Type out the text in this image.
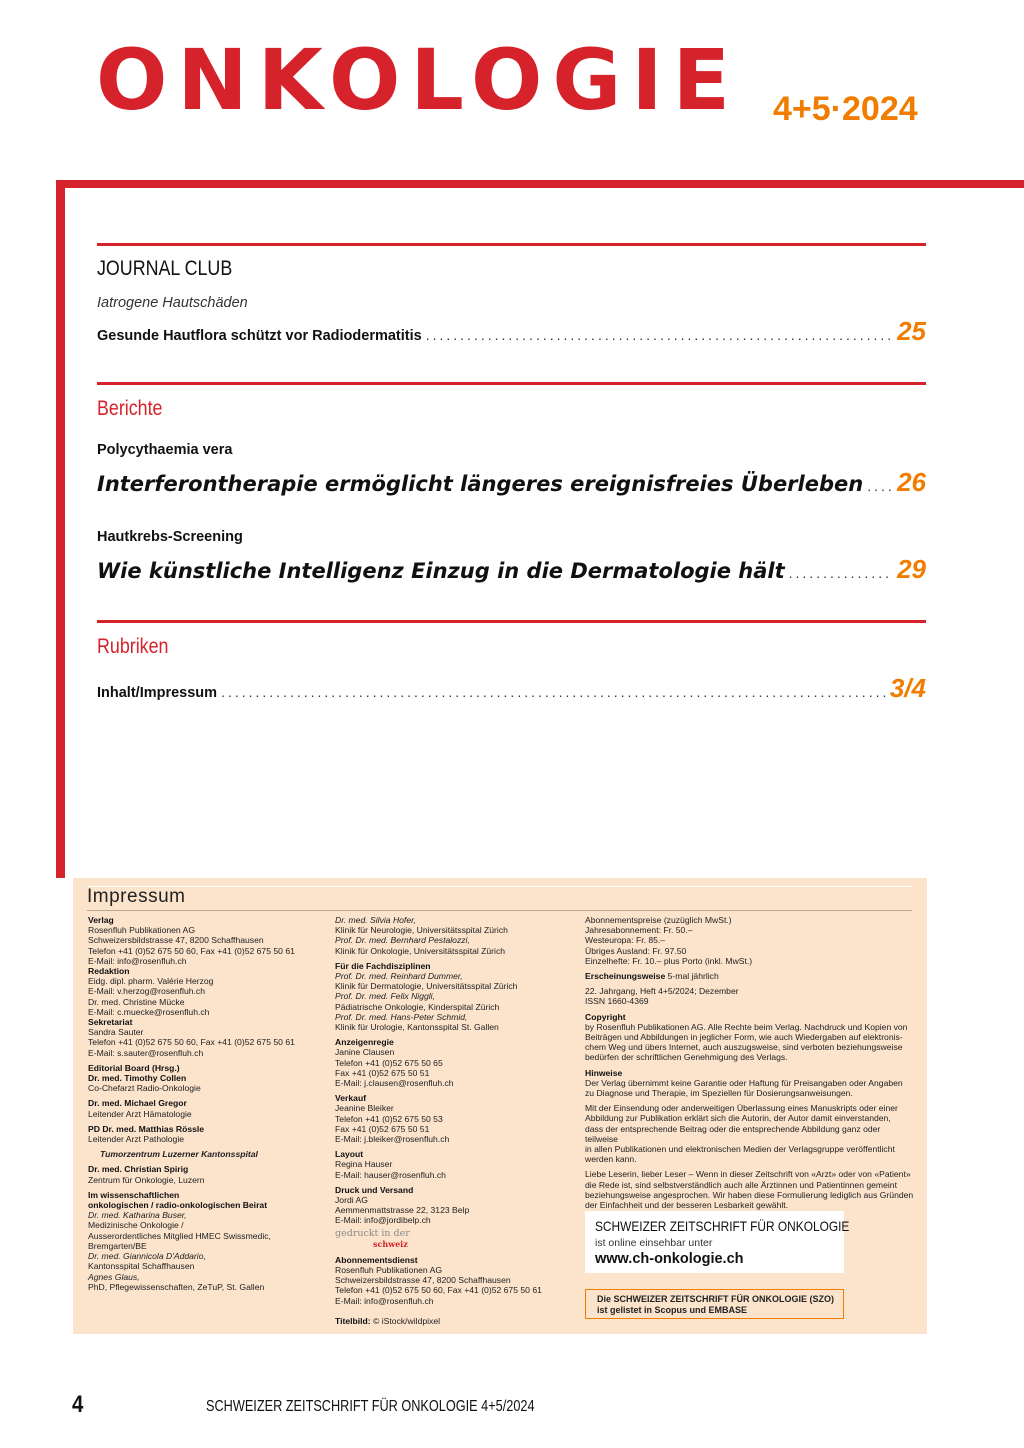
ONKOLOGIE 4+5·2024
JOURNAL CLUB
Iatrogene Hautschäden
Gesunde Hautflora schützt vor Radiodermatitis .....	25
Berichte
Polycythaemia vera
Interferontherapie ermöglicht längeres ereignisfreies Überleben ..... 26
Hautkrebs-Screening
Wie künstliche Intelligenz Einzug in die Dermatologie hält .....	29
Rubriken
Inhalt/Impressum .....	3/4
Impressum
Verlag
Rosenfluh Publikationen AG
Schweizersbildstrasse 47, 8200 Schaffhausen
Telefon +41 (0)52 675 50 60, Fax +41 (0)52 675 50 61
E-Mail: info@rosenfluh.ch
Redaktion
Eidg. dipl. pharm. Valérie Herzog
E-Mail: v.herzog@rosenfluh.ch
Dr. med. Christine Mücke
E-Mail: c.muecke@rosenfluh.ch
Sekretariat
Sandra Sauter
Telefon +41 (0)52 675 50 60, Fax +41 (0)52 675 50 61
E-Mail: s.sauter@rosenfluh.ch
Editorial Board (Hrsg.)
Dr. med. Timothy Collen
Co-Chefarzt Radio-Onkologie
Dr. med. Michael Gregor
Leitender Arzt Hämatologie
PD Dr. med. Matthias Rössle
Leitender Arzt Pathologie
Tumorzentrum Luzerner Kantonsspital
Dr. med. Christian Spirig
Zentrum für Onkologie, Luzern
Im wissenschaftlichen
onkologischen / radio-onkologischen Beirat
Dr. med. Katharina Buser,
Medizinische Onkologie /
Ausserordentliches Mitglied HMEC Swissmedic,
Bremgarten/BE
Dr. med. Giannicola D'Addario,
Kantonsspital Schaffhausen
Agnes Glaus,
PhD, Pflegewissenschaften, ZeTuP, St. Gallen
Dr. med. Silvia Hofer,
Klinik für Neurologie, Universitätsspital Zürich
Prof. Dr. med. Bernhard Pestalozzi,
Klinik für Onkologie, Universitätsspital Zürich
Für die Fachdisziplinen
Prof. Dr. med. Reinhard Dummer,
Klinik für Dermatologie, Universitätsspital Zürich
Prof. Dr. med. Felix Niggli,
Pädiatrische Onkologie, Kinderspital Zürich
Prof. Dr. med. Hans-Peter Schmid,
Klinik für Urologie, Kantonsspital St. Gallen
Anzeigenregie
Janine Clausen
Telefon +41 (0)52 675 50 65
Fax +41 (0)52 675 50 51
E-Mail: j.clausen@rosenfluh.ch
Verkauf
Jeanine Bleiker
Telefon +41 (0)52 675 50 53
Fax +41 (0)52 675 50 51
E-Mail: j.bleiker@rosenfluh.ch
Layout
Regina Hauser
E-Mail: hauser@rosenfluh.ch
Druck und Versand
Jordi AG
Aemmenmattstrasse 22, 3123 Belp
E-Mail: info@jordibelp.ch
gedruckt in der
schweiz
Abonnementsdienst
Rosenfluh Publikationen AG
Schweizersbildstrasse 47, 8200 Schaffhausen
Telefon +41 (0)52 675 50 60, Fax +41 (0)52 675 50 61
E-Mail: info@rosenfluh.ch
Titelbild: © iStock/wildpixel
Abonnementspreise (zuzüglich MwSt.)
Jahresabonnement: Fr. 50.–
Westeuropa: Fr. 85.–
Übriges Ausland: Fr. 97.50
Einzelhefte: Fr. 10.– plus Porto (inkl. MwSt.)
Erscheinungsweise 5-mal jährlich
22. Jahrgang, Heft 4+5/2024; Dezember
ISSN 1660-4369
Copyright
by Rosenfluh Publikationen AG. Alle Rechte beim Verlag. Nachdruck und Kopien von
Beiträgen und Abbildungen in jeglicher Form, wie auch Wiedergaben auf elektronis-
chem Weg und übers Internet, auch auszugsweise, sind verboten beziehungsweise
bedürfen der schriftlichen Genehmigung des Verlags.
Hinweise
Der Verlag übernimmt keine Garantie oder Haftung für Preisangaben oder Angaben
zu Diagnose und Therapie, im Speziellen für Dosierungsanweisungen.
Mit der Einsendung oder anderweitigen Überlassung eines Manuskripts oder einer
Abbildung zur Publikation erklärt sich die Autorin, der Autor damit einverstanden,
dass der entsprechende Beitrag oder die entsprechende Abbildung ganz oder teilweise
in allen Publikationen und elektronischen Medien der Verlagsgruppe veröffentlicht
werden kann.
Liebe Leserin, lieber Leser – Wenn in dieser Zeitschrift von «Arzt» oder von «Patient»
die Rede ist, sind selbstverständlich auch alle Ärztinnen und Patientinnen gemeint
beziehungsweise angesprochen. Wir haben diese Formulierung lediglich aus Gründen
der Einfachheit und der besseren Lesbarkeit gewählt.
SCHWEIZER ZEITSCHRIFT FÜR ONKOLOGIE
ist online einsehbar unter
www.ch-onkologie.ch
Die SCHWEIZER ZEITSCHRIFT FÜR ONKOLOGIE (SZO)
ist gelistet in Scopus und EMBASE
4	SCHWEIZER ZEITSCHRIFT FÜR ONKOLOGIE 4+5/2024
